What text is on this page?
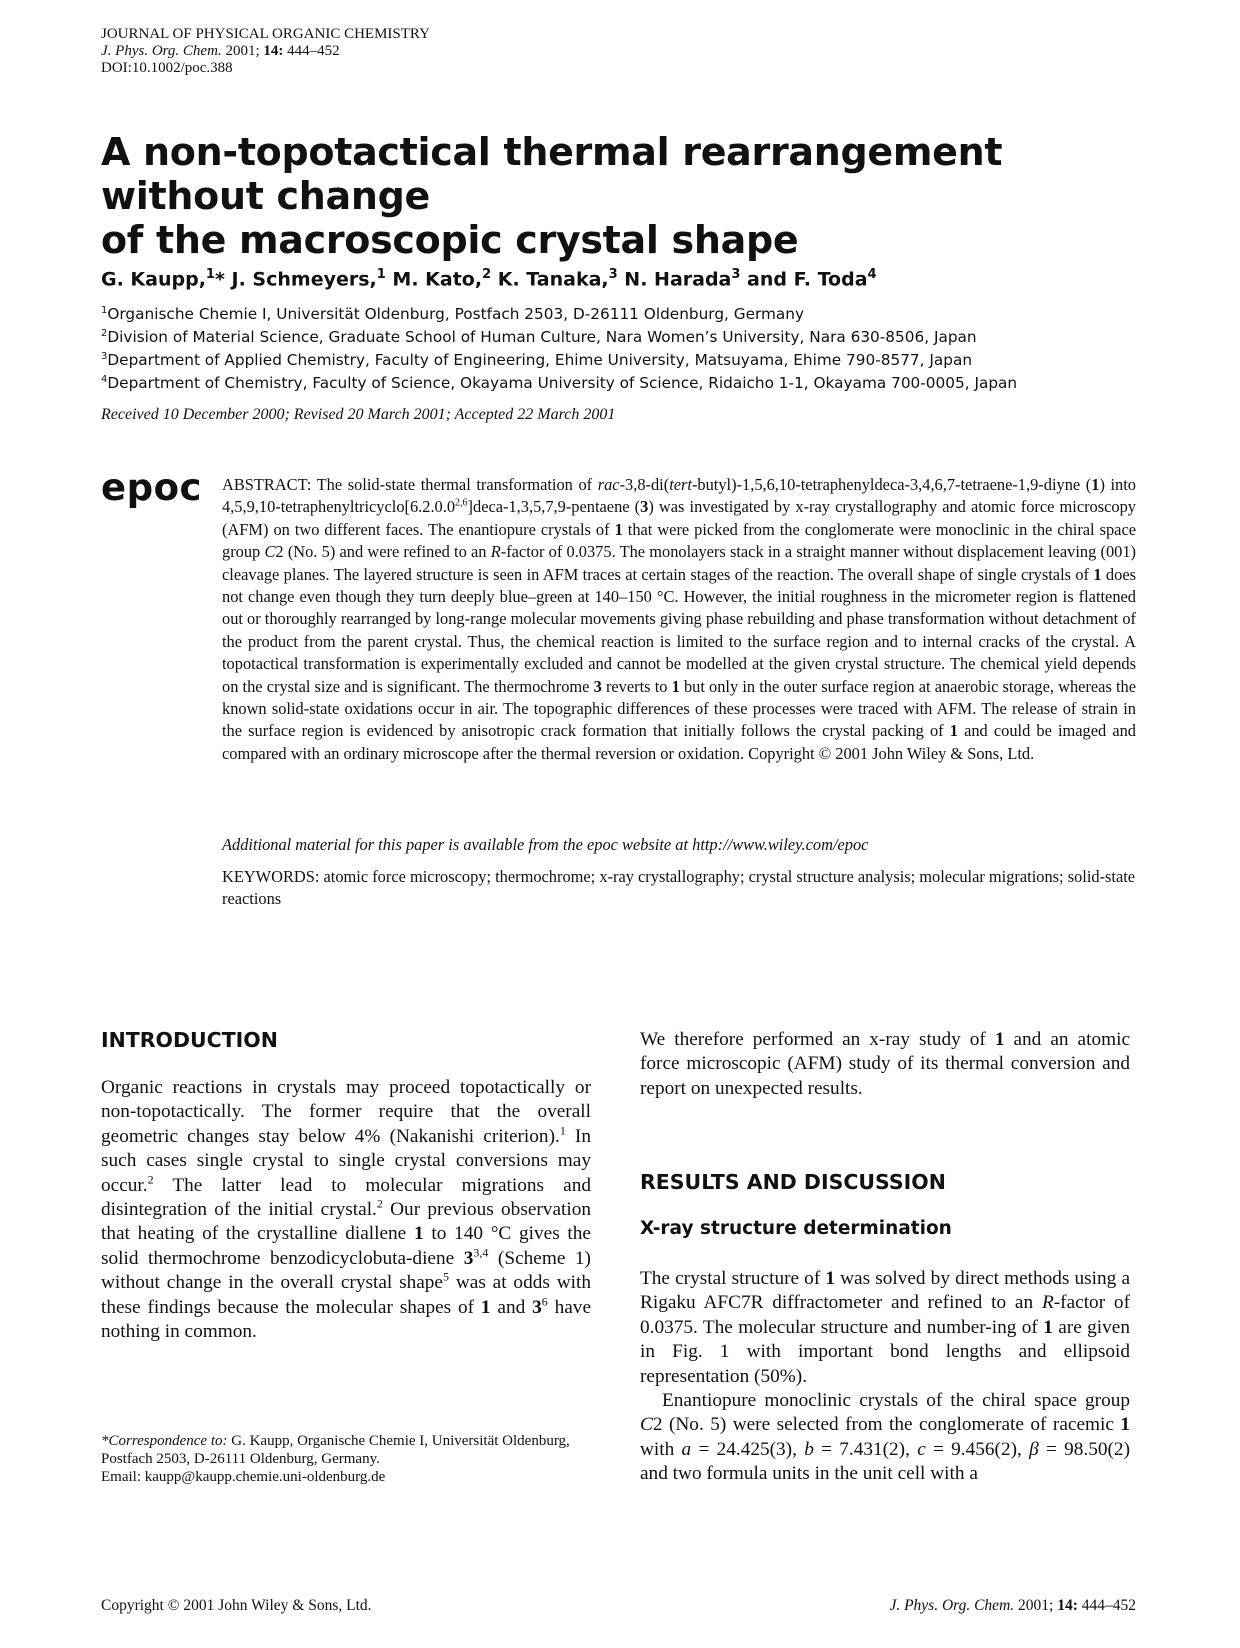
JOURNAL OF PHYSICAL ORGANIC CHEMISTRY
J. Phys. Org. Chem. 2001; 14: 444–452
DOI:10.1002/poc.388
A non-topotactical thermal rearrangement without change
of the macroscopic crystal shape
G. Kaupp,$^1$* J. Schmeyers,$^1$ M. Kato,$^2$ K. Tanaka,$^3$ N. Harada$^3$ and F. Toda$^4$
$^1$Organische Chemie I, Universität Oldenburg, Postfach 2503, D-26111 Oldenburg, Germany
$^2$Division of Material Science, Graduate School of Human Culture, Nara Women’s University, Nara 630-8506, Japan
$^3$Department of Applied Chemistry, Faculty of Engineering, Ehime University, Matsuyama, Ehime 790-8577, Japan
$^4$Department of Chemistry, Faculty of Science, Okayama University of Science, Ridaicho 1-1, Okayama 700-0005, Japan
Received 10 December 2000; Revised 20 March 2001; Accepted 22 March 2001
epoc ABSTRACT: The solid-state thermal transformation of rac-3,8-di(tert-butyl)-1,5,6,10-tetraphenyldeca-3,4,6,7-tetraene-1,9-diyne (1) into 4,5,9,10-tetraphenyltricyclo[6.2.0.0$^{2,6}$]deca-1,3,5,7,9-pentaene (3) was investigated by x-ray crystallography and atomic force microscopy (AFM) on two different faces. The enantiopure crystals of 1 that were picked from the conglomerate were monoclinic in the chiral space group C2 (No. 5) and were refined to an R-factor of 0.0375. The monolayers stack in a straight manner without displacement leaving (001) cleavage planes. The layered structure is seen in AFM traces at certain stages of the reaction. The overall shape of single crystals of 1 does not change even though they turn deeply blue–green at 140–150 °C. However, the initial roughness in the micrometer region is flattened out or thoroughly rearranged by long-range molecular movements giving phase rebuilding and phase transformation without detachment of the product from the parent crystal. Thus, the chemical reaction is limited to the surface region and to internal cracks of the crystal. A topotactical transformation is experimentally excluded and cannot be modelled at the given crystal structure. The chemical yield depends on the crystal size and is significant. The thermochrome 3 reverts to 1 but only in the outer surface region at anaerobic storage, whereas the known solid-state oxidations occur in air. The topographic differences of these processes were traced with AFM. The release of strain in the surface region is evidenced by anisotropic crack formation that initially follows the crystal packing of 1 and could be imaged and compared with an ordinary microscope after the thermal reversion or oxidation. Copyright © 2001 John Wiley & Sons, Ltd.
Additional material for this paper is available from the epoc website at http://www.wiley.com/epoc
KEYWORDS: atomic force microscopy; thermochrome; x-ray crystallography; crystal structure analysis; molecular migrations; solid-state reactions
INTRODUCTION

Organic reactions in crystals may proceed topotactically or non-topotactically. The former require that the overall geometric changes stay below 4% (Nakanishi criterion).$^1$ In such cases single crystal to single crystal conversions may occur.$^2$ The latter lead to molecular migrations and disintegration of the initial crystal.$^2$ Our previous observation that heating of the crystalline diallene 1 to 140 °C gives the solid thermochrome benzodicyclobuta-diene 3$^{3,4}$ (Scheme 1) without change in the overall crystal shape$^5$ was at odds with these findings because the molecular shapes of 1 and $3^6$ have nothing in common.

*Correspondence to: G. Kaupp, Organische Chemie I, Universität Oldenburg, Postfach 2503, D-26111 Oldenburg, Germany.
Email: kaupp@kaupp.chemie.uni-oldenburg.de

We therefore performed an x-ray study of 1 and an atomic force microscopic (AFM) study of its thermal conversion and report on unexpected results.

RESULTS AND DISCUSSION
X-ray structure determination

The crystal structure of 1 was solved by direct methods using a Rigaku AFC7R diffractometer and refined to an R-factor of 0.0375. The molecular structure and number-ing of 1 are given in Fig. 1 with important bond lengths and ellipsoid representation (50%).

Enantiopure monoclinic crystals of the chiral space group C2 (No. 5) were selected from the conglomerate of racemic 1 with a = 24.425(3), b = 7.431(2), c = 9.456(2), β = 98.50(2) and two formula units in the unit cell with a

Copyright © 2001 John Wiley & Sons, Ltd.	J. Phys. Org. Chem. 2001; 14: 444–452
